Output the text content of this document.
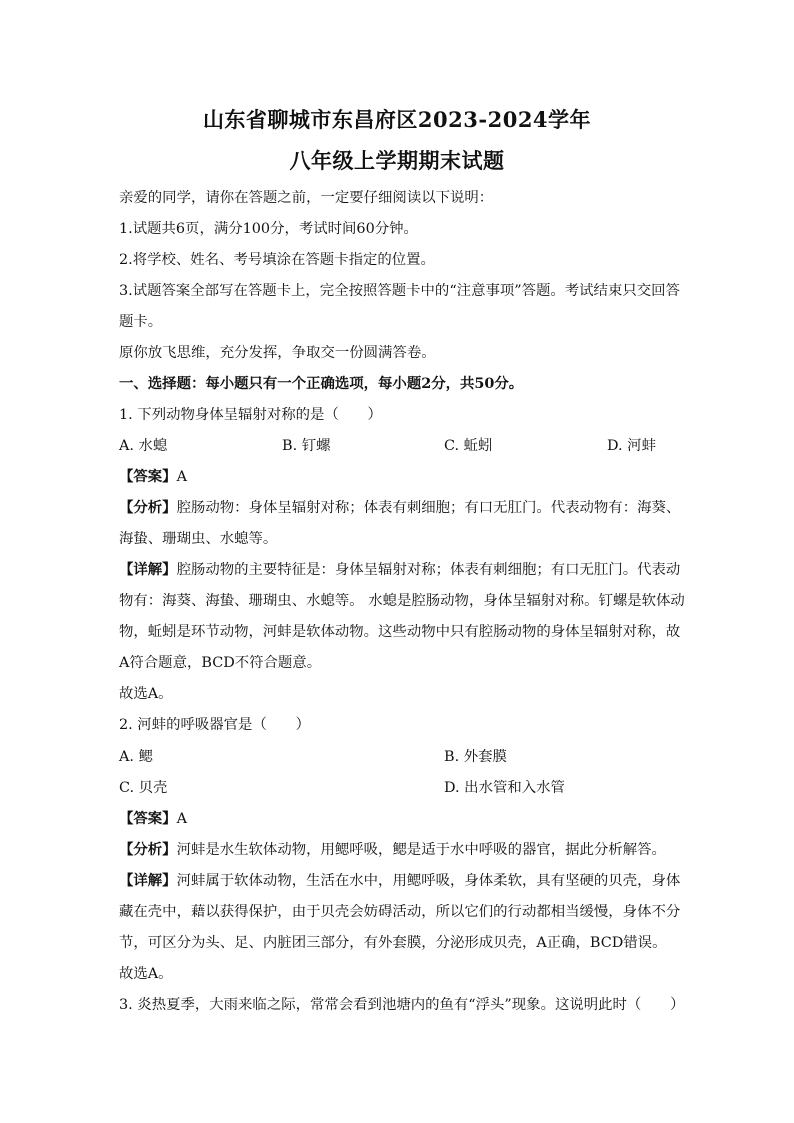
山东省聊城市东昌府区2023-2024学年
八年级上学期期末试题
亲爱的同学，请你在答题之前，一定要仔细阅读以下说明：
1.试题共6页，满分100分，考试时间60分钟。
2.将学校、姓名、考号填涂在答题卡指定的位置。
3.试题答案全部写在答题卡上，完全按照答题卡中的“注意事项”答题。考试结束只交回答
题卡。
原你放飞思维，充分发挥，争取交一份圆满答卷。
一、选择题：每小题只有一个正确选项，每小题2分，共50分。
1. 下列动物身体呈辐射对称的是（　　）
A. 水螅	B. 钉螺	C. 蚯蚓	D. 河蚌
【答案】A
【分析】腔肠动物：身体呈辐射对称；体表有刺细胞；有口无肛门。代表动物有：海葵、
海蛰、珊瑚虫、水螅等。
【详解】腔肠动物的主要特征是：身体呈辐射对称；体表有刺细胞；有口无肛门。代表动
物有：海葵、海蛰、珊瑚虫、水螅等。 水螅是腔肠动物，身体呈辐射对称。钉螺是软体动
物，蚯蚓是环节动物，河蚌是软体动物。这些动物中只有腔肠动物的身体呈辐射对称，故
A符合题意，BCD不符合题意。
故选A。
2. 河蚌的呼吸器官是（　　）
A. 鳃	B. 外套膜
C. 贝壳	D. 出水管和入水管
【答案】A
【分析】河蚌是水生软体动物，用鳃呼吸，鳃是适于水中呼吸的器官，据此分析解答。
【详解】河蚌属于软体动物，生活在水中，用鳃呼吸，身体柔软，具有坚硬的贝壳，身体
藏在壳中，藉以获得保护，由于贝壳会妨碍活动，所以它们的行动都相当缓慢，身体不分
节，可区分为头、足、内脏团三部分，有外套膜，分泌形成贝壳，A正确，BCD错误。
故选A。
3. 炎热夏季，大雨来临之际，常常会看到池塘内的鱼有“浮头”现象。这说明此时（　　）
